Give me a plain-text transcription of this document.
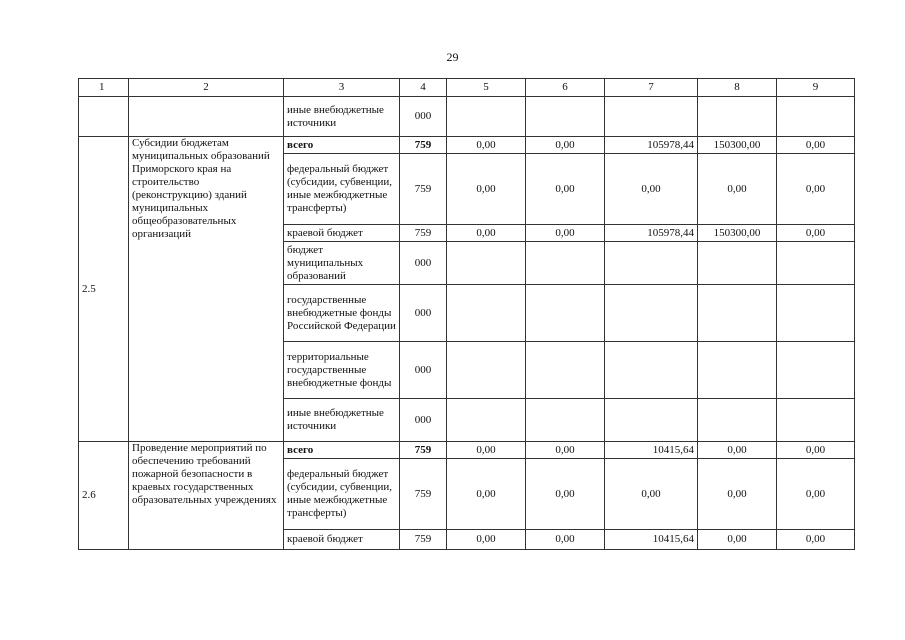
29
1	2	3	4	5	6	7	8	9
		иные внебюджетные источники	000					
2.5	Субсидии бюджетам муниципальных образований Приморского края на строительство (реконструкцию) зданий муниципальных общеобразовательных организаций	всего	759	0,00	0,00	105978,44	150300,00	0,00
		федеральный бюджет (субсидии, субвенции, иные межбюджетные трансферты)	759	0,00	0,00	0,00	0,00	0,00
		краевой бюджет	759	0,00	0,00	105978,44	150300,00	0,00
		бюджет муниципальных образований	000					
		государственные внебюджетные фонды Российской Федерации	000					
		территориальные государственные внебюджетные фонды	000					
		иные внебюджетные источники	000					
2.6	Проведение мероприятий по обеспечению требований пожарной безопасности в краевых государственных образовательных учреждениях	всего	759	0,00	0,00	10415,64	0,00	0,00
		федеральный бюджет (субсидии, субвенции, иные межбюджетные трансферты)	759	0,00	0,00	0,00	0,00	0,00
		краевой бюджет	759	0,00	0,00	10415,64	0,00	0,00
